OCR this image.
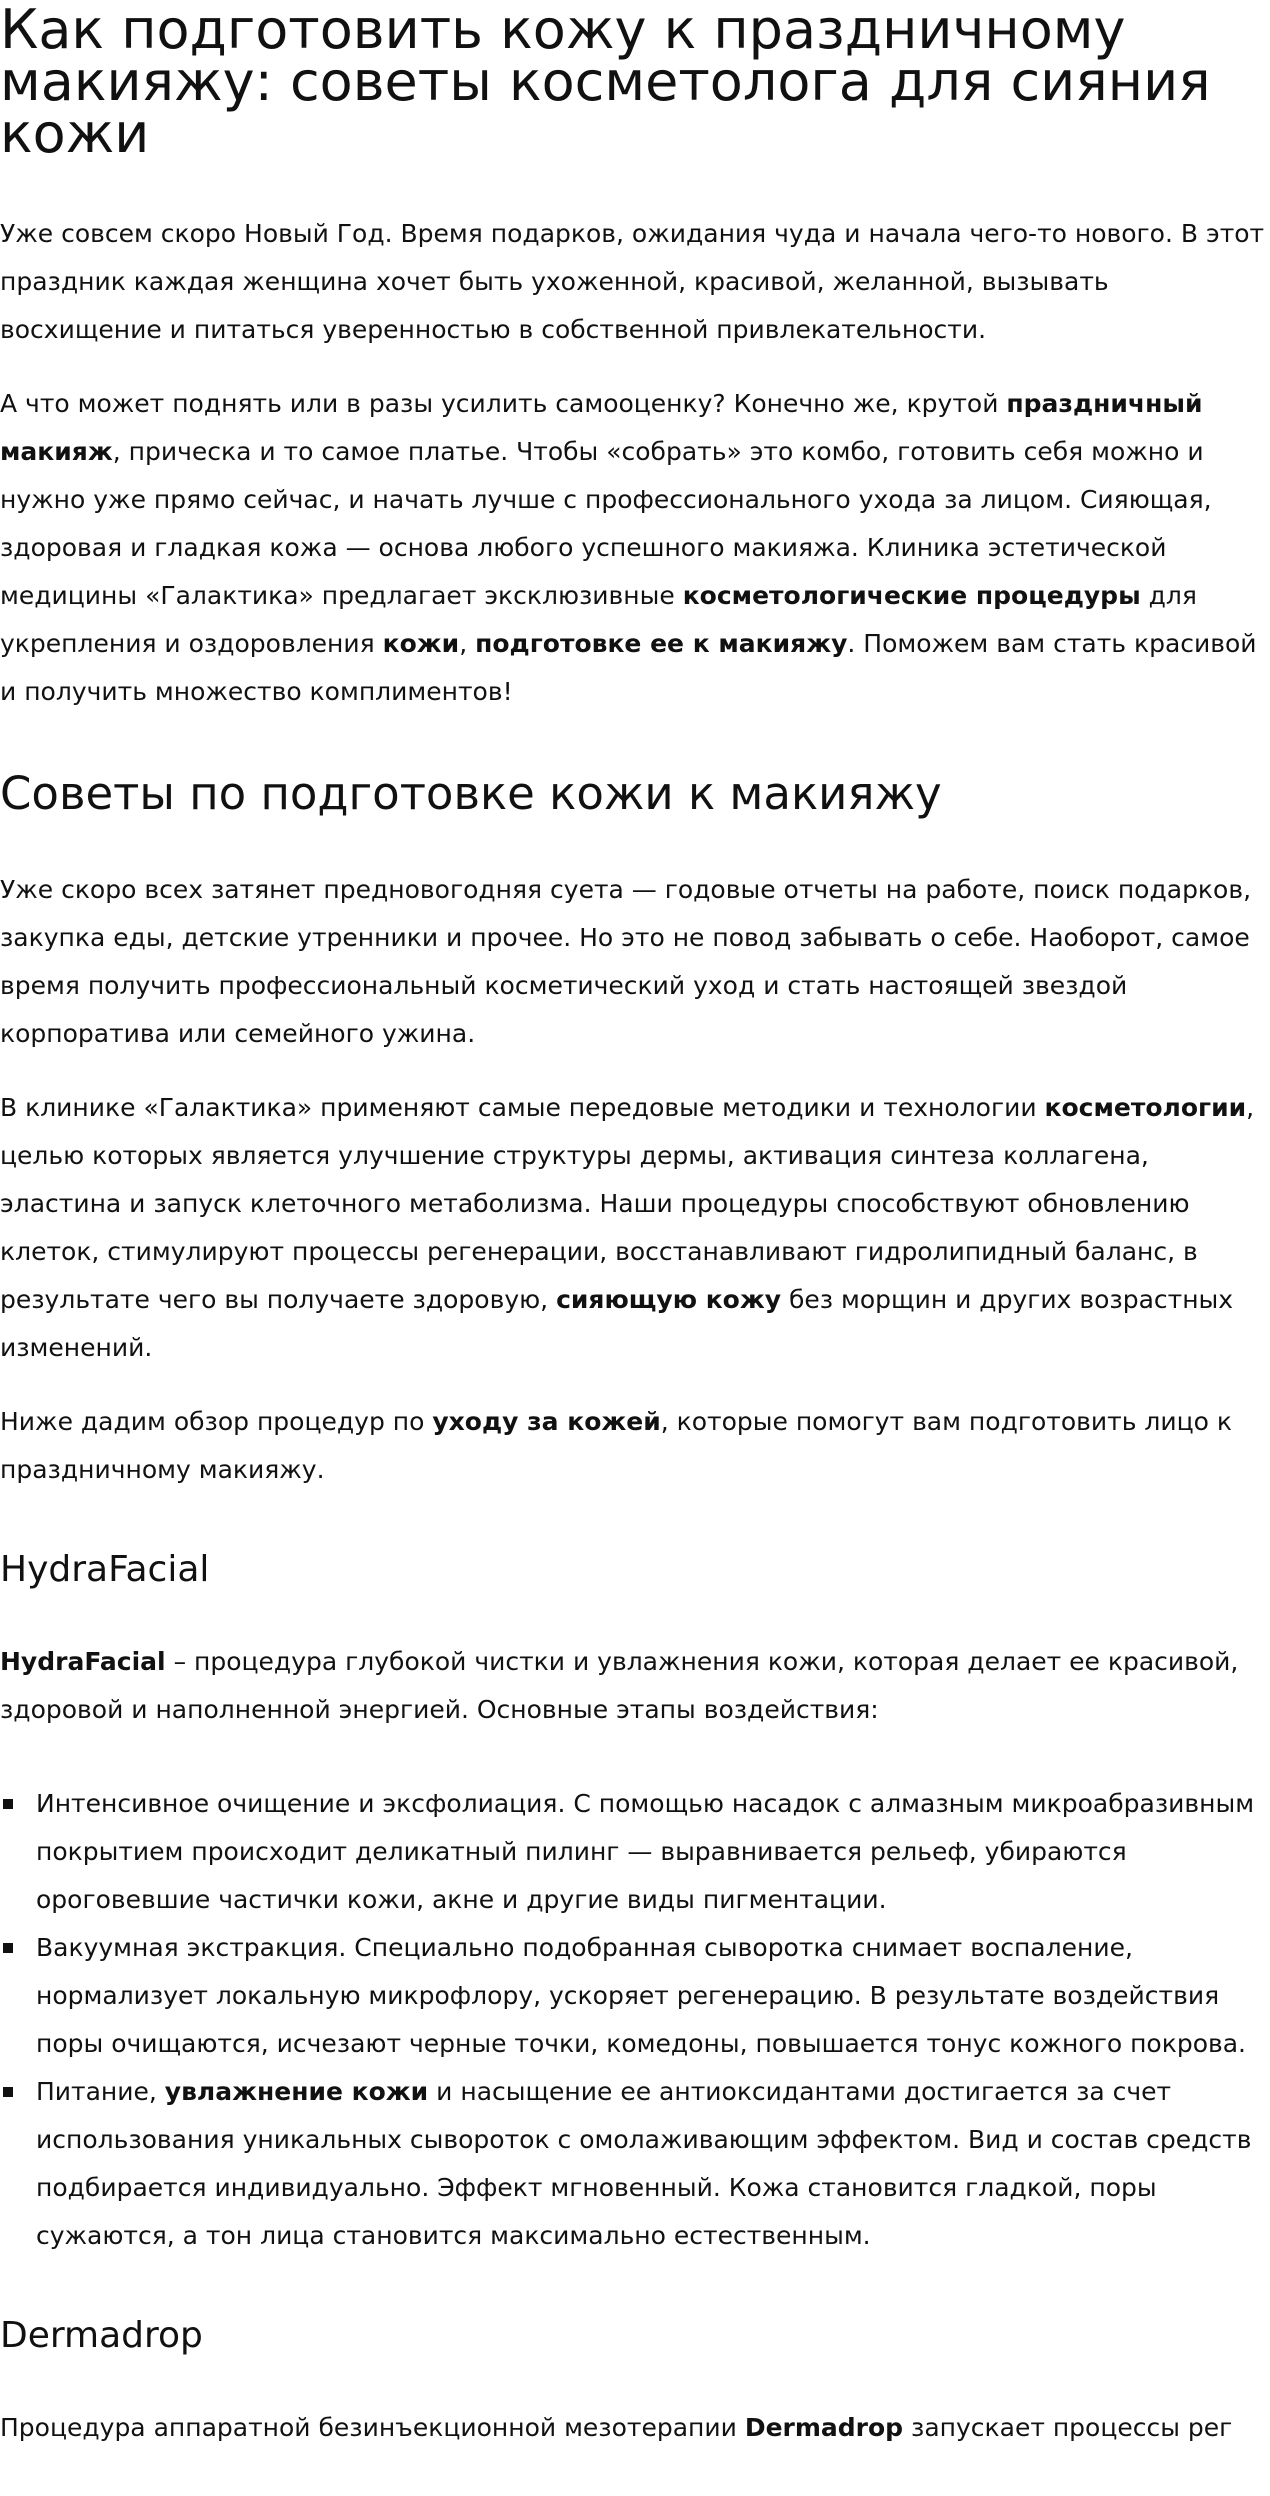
Как подготовить кожу к праздничному макияжу: советы косметолога для сияния кожи

Уже совсем скоро Новый Год. Время подарков, ожидания чуда и начала чего-то нового. В этот праздник каждая женщина хочет быть ухоженной, красивой, желанной, вызывать восхищение и питаться уверенностью в собственной привлекательности.

А что может поднять или в разы усилить самооценку? Конечно же, крутой праздничный макияж, прическа и то самое платье. Чтобы «собрать» это комбо, готовить себя можно и нужно уже прямо сейчас, и начать лучше с профессионального ухода за лицом. Сияющая, здоровая и гладкая кожа — основа любого успешного макияжа. Клиника эстетической медицины «Галактика» предлагает эксклюзивные косметологические процедуры для укрепления и оздоровления кожи, подготовке ее к макияжу. Поможем вам стать красивой и получить множество комплиментов!

Советы по подготовке кожи к макияжу

Уже скоро всех затянет предновогодняя суета — годовые отчеты на работе, поиск подарков, закупка еды, детские утренники и прочее. Но это не повод забывать о себе. Наоборот, самое время получить профессиональный косметический уход и стать настоящей звездой корпоратива или семейного ужина.

В клинике «Галактика» применяют самые передовые методики и технологии косметологии, целью которых является улучшение структуры дермы, активация синтеза коллагена, эластина и запуск клеточного метаболизма. Наши процедуры способствуют обновлению клеток, стимулируют процессы регенерации, восстанавливают гидролипидный баланс, в результате чего вы получаете здоровую, сияющую кожу без морщин и других возрастных изменений.

Ниже дадим обзор процедур по уходу за кожей, которые помогут вам подготовить лицо к праздничному макияжу.

HydraFacial

HydraFacial – процедура глубокой чистки и увлажнения кожи, которая делает ее красивой, здоровой и наполненной энергией. Основные этапы воздействия:

Интенсивное очищение и эксфолиация. С помощью насадок с алмазным микроабразивным покрытием происходит деликатный пилинг — выравнивается рельеф, убираются ороговевшие частички кожи, акне и другие виды пигментации.
Вакуумная экстракция. Специально подобранная сыворотка снимает воспаление, нормализует локальную микрофлору, ускоряет регенерацию. В результате воздействия поры очищаются, исчезают черные точки, комедоны, повышается тонус кожного покрова.
Питание, увлажнение кожи и насыщение ее антиоксидантами достигается за счет использования уникальных сывороток с омолаживающим эффектом. Вид и состав средств подбирается индивидуально. Эффект мгновенный. Кожа становится гладкой, поры сужаются, а тон лица становится максимально естественным.
Dermadrop

Процедура аппаратной безинъекционной мезотерапии Dermadrop запускает процессы рег
